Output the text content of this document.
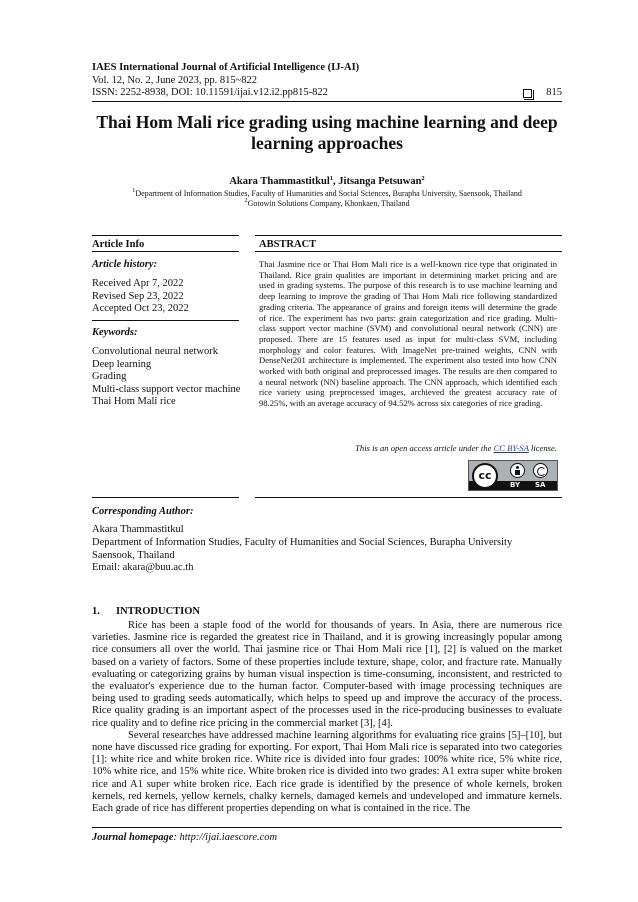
IAES International Journal of Artificial Intelligence (IJ-AI)
Vol. 12, No. 2, June 2023, pp. 815~822
ISSN: 2252-8938, DOI: 10.11591/ijai.v12.i2.pp815-822	815
Thai Hom Mali rice grading using machine learning and deep learning approaches
Akara Thammastitkul$^1$, Jitsanga Petsuwan$^2$
$^1$Department of Information Studies, Faculty of Humanities and Social Sciences, Burapha University, Saensook, Thailand
$^2$Gotowin Solutions Company, Khonkaen, Thailand
Article Info	ABSTRACT
Article history:
Received Apr 7, 2022
Revised Sep 23, 2022
Accepted Oct 23, 2022
Keywords:
Convolutional neural network
Deep learning
Grading
Multi-class support vector machine
Thai Hom Mali rice
Thai Jasmine rice or Thai Hom Mali rice is a well-known rice type that originated in Thailand. Rice grain qualities are important in determining market pricing and are used in grading systems. The purpose of this research is to use machine learning and deep learning to improve the grading of Thai Hom Mali rice following standardized grading criteria. The appearance of grains and foreign items will determine the grade of rice. The experiment has two parts: grain categorization and rice grading. Multi-class support vector machine (SVM) and convolutional neural network (CNN) are proposed. There are 15 features used as input for multi-class SVM, including morphology and color features. With ImageNet pre-trained weights, CNN with DenseNet201 architecture is implemented. The experiment also tested into how CNN worked with both original and preprocessed images. The results are then compared to a neural network (NN) baseline approach. The CNN approach, which identified each rice variety using preprocessed images, archieved the greatest accuracy rate of 98.25%, with an average accuracy of 94.52% across six categories of rice grading.
This is an open access article under the CC BY-SA license.
cc
BY SA
Corresponding Author:
Akara Thammastitkul
Department of Information Studies, Faculty of Humanities and Social Sciences, Burapha University
Saensook, Thailand
Email: akara@buu.ac.th
1. INTRODUCTION

Rice has been a staple food of the world for thousands of years. In Asia, there are numerous rice varieties. Jasmine rice is regarded the greatest rice in Thailand, and it is growing increasingly popular among rice consumers all over the world. Thai jasmine rice or Thai Hom Mali rice [1], [2] is valued on the market based on a variety of factors. Some of these properties include texture, shape, color, and fracture rate. Manually evaluating or categorizing grains by human visual inspection is time-consuming, inconsistent, and restricted to the evaluator's experience due to the human factor. Computer-based with image processing techniques are being used to grading seeds automatically, which helps to speed up and improve the accuracy of the process. Rice quality grading is an important aspect of the processes used in the rice-producing businesses to evaluate rice quality and to define rice pricing in the commercial market [3], [4].

Several researches have addressed machine learning algorithms for evaluating rice grains [5]–[10], but none have discussed rice grading for exporting. For export, Thai Hom Mali rice is separated into two categories [1]: white rice and white broken rice. White rice is divided into four grades: 100% white rice, 5% white rice, 10% white rice, and 15% white rice. White broken rice is divided into two grades: A1 extra super white broken rice and A1 super white broken rice. Each rice grade is identified by the presence of whole kernels, broken kernels, red kernels, yellow kernels, chalky kernels, damaged kernels and undeveloped and immature kernels. Each grade of rice has different properties depending on what is contained in the rice. The

Journal homepage: http://ijai.iaescore.com
